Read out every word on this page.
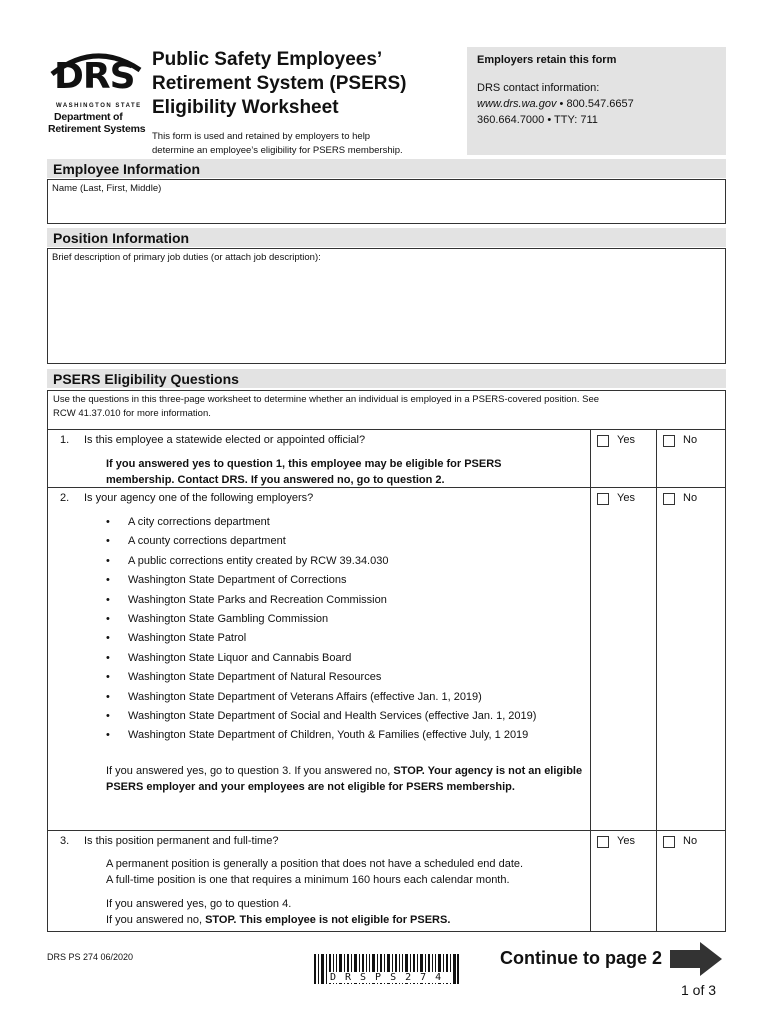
DRS
WASHINGTON STATE
Department of
Retirement Systems
Public Safety Employees’
Retirement System (PSERS)
Eligibility Worksheet
This form is used and retained by employers to help
determine an employee’s eligibility for PSERS membership.
Employers retain this form
DRS contact information:
www.drs.wa.gov • 800.547.6657
360.664.7000 • TTY: 711
Employee Information
Name (Last, First, Middle)
Position Information
Brief description of primary job duties (or attach job description):
PSERS Eligibility Questions
Use the questions in this three-page worksheet to determine whether an individual is employed in a PSERS-covered position. See
RCW 41.37.010 for more information.
1. Is this employee a statewide elected or appointed official?
If you answered yes to question 1, this employee may be eligible for PSERS
membership. Contact DRS. If you answered no, go to question 2.
Yes	No
2. Is your agency one of the following employers?
• A city corrections department
• A county corrections department
• A public corrections entity created by RCW 39.34.030
• Washington State Department of Corrections
• Washington State Parks and Recreation Commission
• Washington State Gambling Commission
• Washington State Patrol
• Washington State Liquor and Cannabis Board
• Washington State Department of Natural Resources
• Washington State Department of Veterans Affairs (effective Jan. 1, 2019)
• Washington State Department of Social and Health Services (effective Jan. 1, 2019)
• Washington State Department of Children, Youth & Families (effective July, 1 2019
If you answered yes, go to question 3. If you answered no, STOP. Your agency is not an eligible PSERS employer and your employees are not eligible for PSERS membership.
Yes	No
3. Is this position permanent and full-time?
A permanent position is generally a position that does not have a scheduled end date.
A full-time position is one that requires a minimum 160 hours each calendar month.
If you answered yes, go to question 4.
If you answered no, STOP. This employee is not eligible for PSERS.
Yes	No
DRS PS 274 06/2020
DRSPS274
Continue to page 2
1 of 3
